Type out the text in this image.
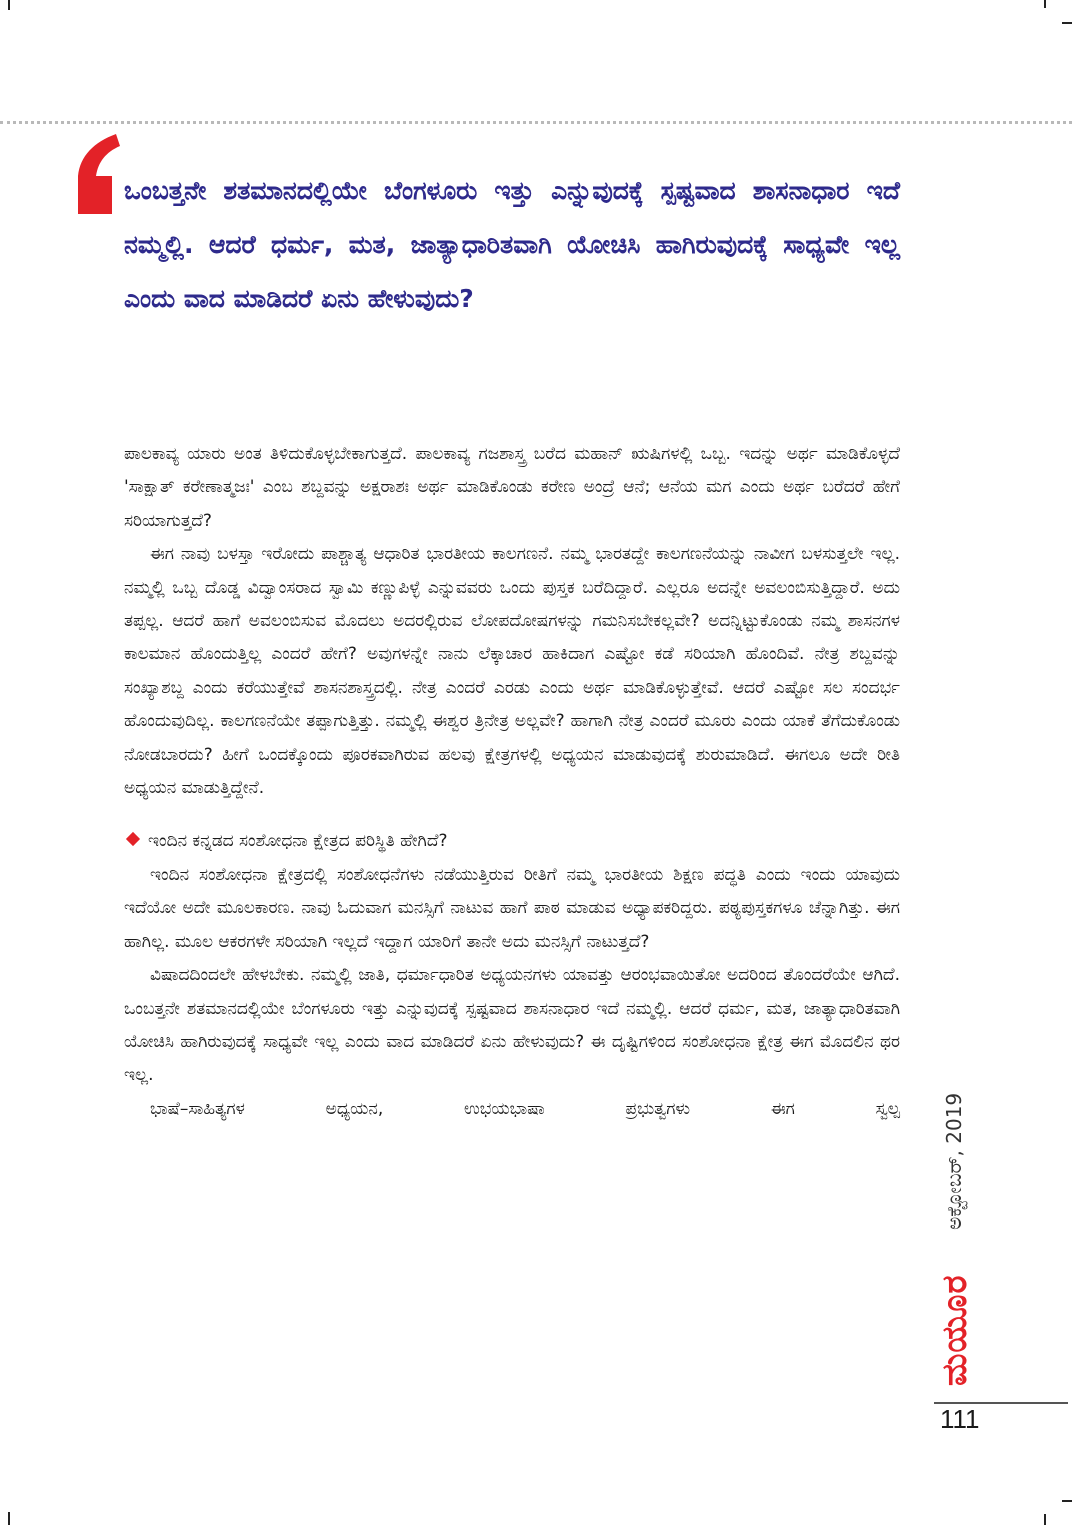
ಒಂಬತ್ತನೇ ಶತಮಾನದಲ್ಲಿಯೇ ಬೆಂಗಳೂರು ಇತ್ತು ಎನ್ನುವುದಕ್ಕೆ ಸ್ಪಷ್ಟವಾದ ಶಾಸನಾಧಾರ ಇದೆ ನಮ್ಮಲ್ಲಿ. ಆದರೆ ಧರ್ಮ, ಮತ, ಜಾತ್ಯಾಧಾರಿತವಾಗಿ ಯೋಚಿಸಿ ಹಾಗಿರುವುದಕ್ಕೆ ಸಾಧ್ಯವೇ ಇಲ್ಲ ಎಂದು ವಾದ ಮಾಡಿದರೆ ಏನು ಹೇಳುವುದು?

ಪಾಲಕಾವ್ಯ ಯಾರು ಅಂತ ತಿಳಿದುಕೊಳ್ಳಬೇಕಾಗುತ್ತದೆ. ಪಾಲಕಾವ್ಯ ಗಜಶಾಸ್ತ್ರ ಬರೆದ ಮಹಾನ್ ಋಷಿಗಳಲ್ಲಿ ಒಬ್ಬ. ಇದನ್ನು ಅರ್ಥ ಮಾಡಿಕೊಳ್ಳದೆ 'ಸಾಕ್ಷಾತ್ ಕರೇಣಾತ್ಮಜಃ' ಎಂಬ ಶಬ್ದವನ್ನು ಅಕ್ಷರಾಶಃ ಅರ್ಥ ಮಾಡಿಕೊಂಡು ಕರೇಣ ಅಂದ್ರೆ ಆನೆ; ಆನೆಯ ಮಗ ಎಂದು ಅರ್ಥ ಬರೆದರೆ ಹೇಗೆ ಸರಿಯಾಗುತ್ತದೆ?

ಈಗ ನಾವು ಬಳಸ್ತಾ ಇರೋದು ಪಾಶ್ಚಾತ್ಯ ಆಧಾರಿತ ಭಾರತೀಯ ಕಾಲಗಣನೆ. ನಮ್ಮ ಭಾರತದ್ದೇ ಕಾಲಗಣನೆಯನ್ನು ನಾವೀಗ ಬಳಸುತ್ತಲೇ ಇಲ್ಲ. ನಮ್ಮಲ್ಲಿ ಒಬ್ಬ ದೊಡ್ಡ ವಿದ್ವಾಂಸರಾದ ಸ್ವಾಮಿ ಕಣ್ಣುಪಿಳ್ಳೆ ಎನ್ನುವವರು ಒಂದು ಪುಸ್ತಕ ಬರೆದಿದ್ದಾರೆ. ಎಲ್ಲರೂ ಅದನ್ನೇ ಅವಲಂಬಿಸುತ್ತಿದ್ದಾರೆ. ಅದು ತಪ್ಪಲ್ಲ. ಆದರೆ ಹಾಗೆ ಅವಲಂಬಿಸುವ ಮೊದಲು ಅದರಲ್ಲಿರುವ ಲೋಪದೋಷಗಳನ್ನು ಗಮನಿಸಬೇಕಲ್ಲವೇ? ಅದನ್ನಿಟ್ಟುಕೊಂಡು ನಮ್ಮ ಶಾಸನಗಳ ಕಾಲಮಾನ ಹೊಂದುತ್ತಿಲ್ಲ ಎಂದರೆ ಹೇಗೆ? ಅವುಗಳನ್ನೇ ನಾನು ಲೆಕ್ಕಾಚಾರ ಹಾಕಿದಾಗ ಎಷ್ಟೋ ಕಡೆ ಸರಿಯಾಗಿ ಹೊಂದಿವೆ. ನೇತ್ರ ಶಬ್ದವನ್ನು ಸಂಖ್ಯಾಶಬ್ದ ಎಂದು ಕರೆಯುತ್ತೇವೆ ಶಾಸನಶಾಸ್ತ್ರದಲ್ಲಿ. ನೇತ್ರ ಎಂದರೆ ಎರಡು ಎಂದು ಅರ್ಥ ಮಾಡಿಕೊಳ್ಳುತ್ತೇವೆ. ಆದರೆ ಎಷ್ಟೋ ಸಲ ಸಂದರ್ಭ ಹೊಂದುವುದಿಲ್ಲ. ಕಾಲಗಣನೆಯೇ ತಪ್ಪಾಗುತ್ತಿತ್ತು. ನಮ್ಮಲ್ಲಿ ಈಶ್ವರ ತ್ರಿನೇತ್ರ ಅಲ್ಲವೇ? ಹಾಗಾಗಿ ನೇತ್ರ ಎಂದರೆ ಮೂರು ಎಂದು ಯಾಕೆ ತೆಗೆದುಕೊಂಡು ನೋಡಬಾರದು? ಹೀಗೆ ಒಂದಕ್ಕೊಂದು ಪೂರಕವಾಗಿರುವ ಹಲವು ಕ್ಷೇತ್ರಗಳಲ್ಲಿ ಅಧ್ಯಯನ ಮಾಡುವುದಕ್ಕೆ ಶುರುಮಾಡಿದೆ. ಈಗಲೂ ಅದೇ ರೀತಿ ಅಧ್ಯಯನ ಮಾಡುತ್ತಿದ್ದೇನೆ.

ಇಂದಿನ ಕನ್ನಡದ ಸಂಶೋಧನಾ ಕ್ಷೇತ್ರದ ಪರಿಸ್ಥಿತಿ ಹೇಗಿದೆ?

ಇಂದಿನ ಸಂಶೋಧನಾ ಕ್ಷೇತ್ರದಲ್ಲಿ ಸಂಶೋಧನೆಗಳು ನಡೆಯುತ್ತಿರುವ ರೀತಿಗೆ ನಮ್ಮ ಭಾರತೀಯ ಶಿಕ್ಷಣ ಪದ್ಧತಿ ಎಂದು ಇಂದು ಯಾವುದು ಇದೆಯೋ ಅದೇ ಮೂಲಕಾರಣ. ನಾವು ಓದುವಾಗ ಮನಸ್ಸಿಗೆ ನಾಟುವ ಹಾಗೆ ಪಾಠ ಮಾಡುವ ಅಧ್ಯಾಪಕರಿದ್ದರು. ಪಠ್ಯಪುಸ್ತಕಗಳೂ ಚೆನ್ನಾಗಿತ್ತು. ಈಗ ಹಾಗಿಲ್ಲ. ಮೂಲ ಆಕರಗಳೇ ಸರಿಯಾಗಿ ಇಲ್ಲದೆ ಇದ್ದಾಗ ಯಾರಿಗೆ ತಾನೇ ಅದು ಮನಸ್ಸಿಗೆ ನಾಟುತ್ತದೆ?

ವಿಷಾದದಿಂದಲೇ ಹೇಳಬೇಕು. ನಮ್ಮಲ್ಲಿ ಜಾತಿ, ಧರ್ಮಾಧಾರಿತ ಅಧ್ಯಯನಗಳು ಯಾವತ್ತು ಆರಂಭವಾಯಿತೋ ಅದರಿಂದ ತೊಂದರೆಯೇ ಆಗಿದೆ. ಒಂಬತ್ತನೇ ಶತಮಾನದಲ್ಲಿಯೇ ಬೆಂಗಳೂರು ಇತ್ತು ಎನ್ನುವುದಕ್ಕೆ ಸ್ಪಷ್ಟವಾದ ಶಾಸನಾಧಾರ ಇದೆ ನಮ್ಮಲ್ಲಿ. ಆದರೆ ಧರ್ಮ, ಮತ, ಜಾತ್ಯಾಧಾರಿತವಾಗಿ ಯೋಚಿಸಿ ಹಾಗಿರುವುದಕ್ಕೆ ಸಾಧ್ಯವೇ ಇಲ್ಲ ಎಂದು ವಾದ ಮಾಡಿದರೆ ಏನು ಹೇಳುವುದು? ಈ ದೃಷ್ಟಿಗಳಿಂದ ಸಂಶೋಧನಾ ಕ್ಷೇತ್ರ ಈಗ ಮೊದಲಿನ ಥರ ಇಲ್ಲ.

ಭಾಷೆ–ಸಾಹಿತ್ಯಗಳ ಅಧ್ಯಯನ, ಉಭಯಭಾಷಾ ಪ್ರಭುತ್ವಗಳು ಈಗ ಸ್ವಲ್ಪ ಅಕ್ಟೋಬರ್, 2019
ಮಯೂರ
111
